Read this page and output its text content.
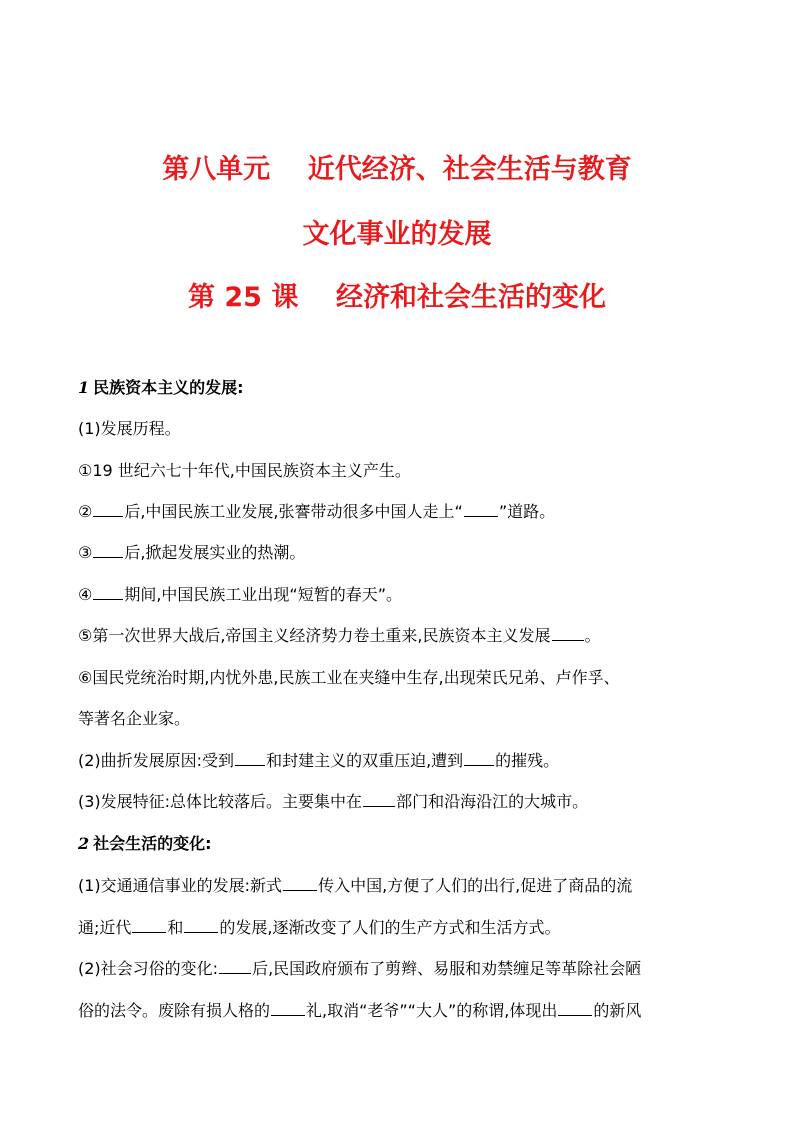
第八单元    近代经济、社会生活与教育
文化事业的发展
第 25 课    经济和社会生活的变化
1 民族资本主义的发展:
(1)发展历程。
①19 世纪六七十年代,中国民族资本主义产生。
② 后,中国民族工业发展,张謇带动很多中国人走上“ ”道路。
③ 后,掀起发展实业的热潮。
④ 期间,中国民族工业出现“短暂的春天”。
⑤第一次世界大战后,帝国主义经济势力卷土重来,民族资本主义发展 。
⑥国民党统治时期,内忧外患,民族工业在夹缝中生存,出现荣氏兄弟、卢作孚、
等著名企业家。
(2)曲折发展原因:受到 和封建主义的双重压迫,遭到 的摧残。
(3)发展特征:总体比较落后。主要集中在 部门和沿海沿江的大城市。
2 社会生活的变化:
(1)交通通信事业的发展:新式 传入中国,方便了人们的出行,促进了商品的流
通;近代 和 的发展,逐渐改变了人们的生产方式和生活方式。
(2)社会习俗的变化: 后,民国政府颁布了剪辫、易服和劝禁缠足等革除社会陋
俗的法令。废除有损人格的 礼,取消“老爷”“大人”的称谓,体现出 的新风
